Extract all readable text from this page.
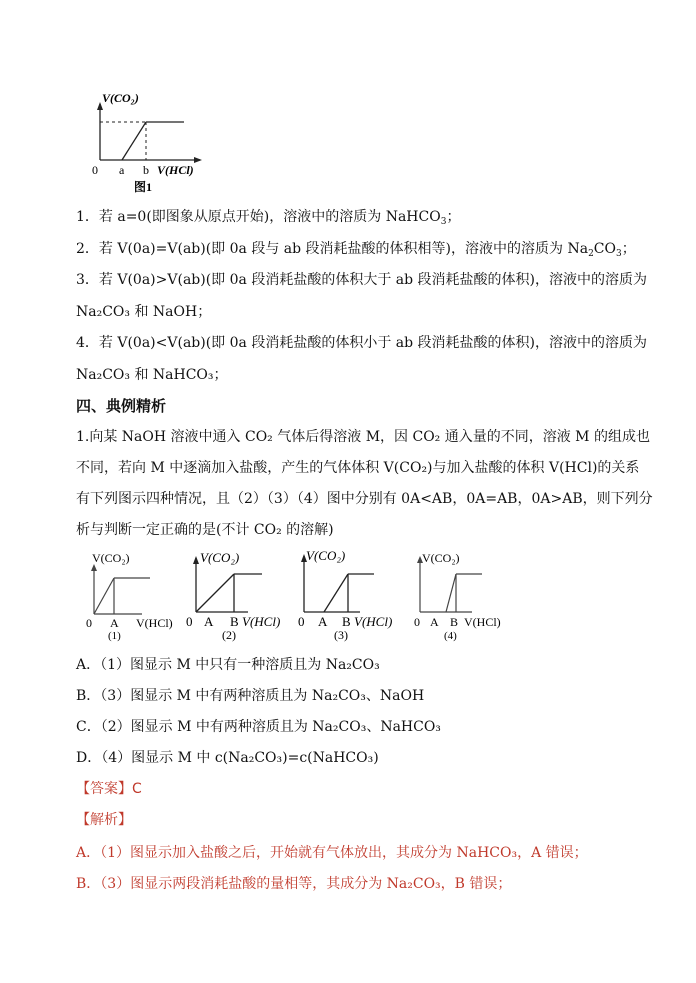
V(CO₂)
0 a b V(HCl)
图1
1．若 a=0(即图象从原点开始)，溶液中的溶质为 NaHCO$_3$；
2．若 V(0a)=V(ab)(即 0a 段与 ab 段消耗盐酸的体积相等)，溶液中的溶质为 $Na_2CO_3$；
3．若 V(0a)>V(ab)(即 0a 段消耗盐酸的体积大于 ab 段消耗盐酸的体积)，溶液中的溶质为
Na₂CO₃ 和 NaOH；
4．若 V(0a)<V(ab)(即 0a 段消耗盐酸的体积小于 ab 段消耗盐酸的体积)，溶液中的溶质为
Na₂CO₃ 和 NaHCO₃；
四、典例精析
1.向某 NaOH 溶液中通入 CO₂ 气体后得溶液 M，因 CO₂ 通入量的不同，溶液 M 的组成也
不同，若向 M 中逐滴加入盐酸，产生的气体体积 V(CO₂)与加入盐酸的体积 V(HCl)的关系
有下列图示四种情况，且（2）（3）（4）图中分别有 0A<AB，0A=AB，0A>AB，则下列分
析与判断一定正确的是(不计 CO₂ 的溶解)
V(CO₂)
0 A V(HCl)
(1)
V(CO₂)
0 A B V(HCl)
(2)
V(CO₂)
0 A B V(HCl)
(3)
V(CO₂)
0 A B V(HCl)
(4)
A．（1）图显示 M 中只有一种溶质且为 Na₂CO₃
B．（3）图显示 M 中有两种溶质且为 Na₂CO₃、NaOH
C．（2）图显示 M 中有两种溶质且为 Na₂CO₃、NaHCO₃
D．（4）图显示 M 中 c(Na₂CO₃)=c(NaHCO₃)
【答案】C
【解析】
A．（1）图显示加入盐酸之后，开始就有气体放出，其成分为 NaHCO₃，A 错误；
B．（3）图显示两段消耗盐酸的量相等，其成分为 Na₂CO₃，B 错误；
